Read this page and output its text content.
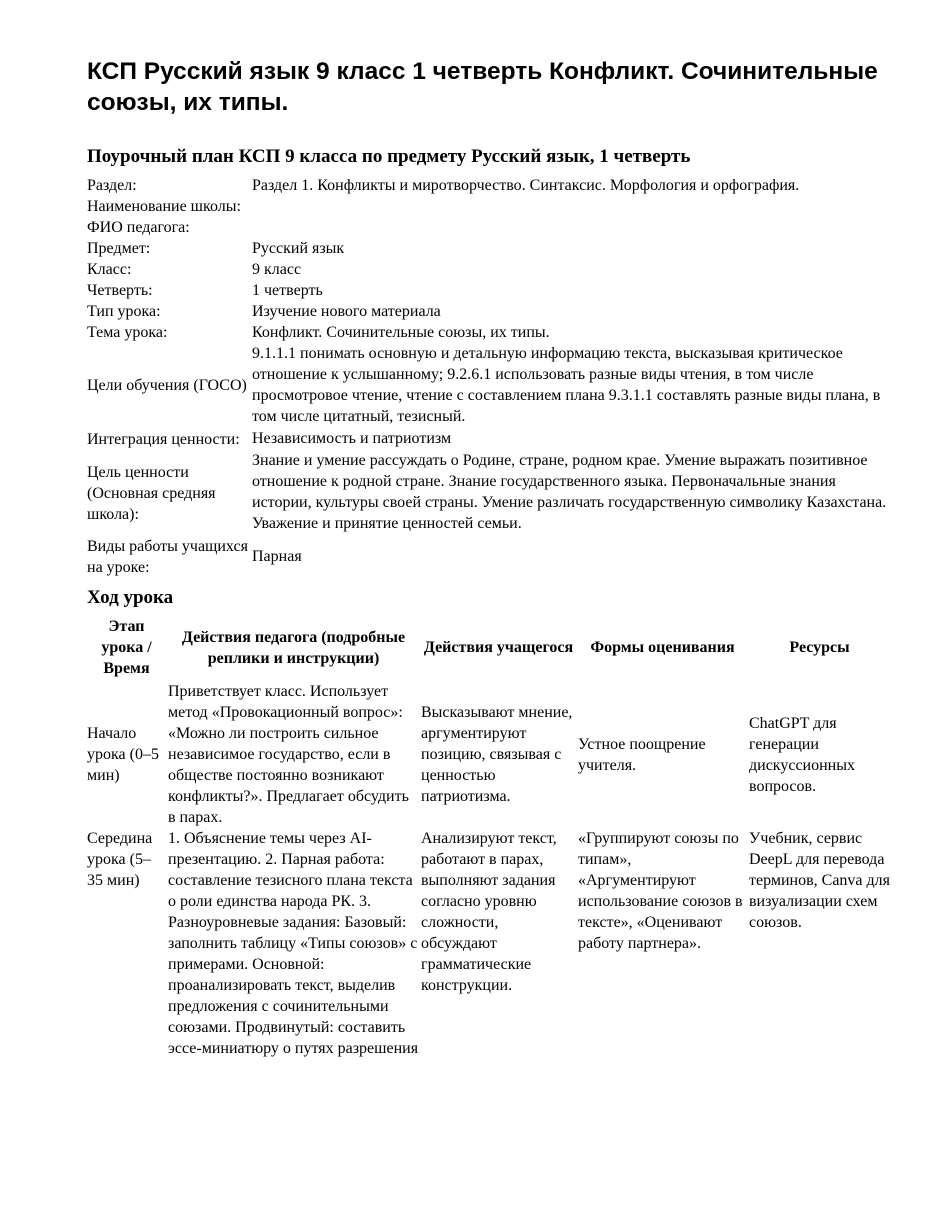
КСП Русский язык 9 класс 1 четверть Конфликт. Сочинительные союзы, их типы.
Поурочный план КСП 9 класса по предмету Русский язык, 1 четверть
Раздел:	Раздел 1. Конфликты и миротворчество. Синтаксис. Морфология и орфография.
Наименование школы:	
ФИО педагога:	
Предмет:	Русский язык
Класс:	9 класс
Четверть:	1 четверть
Тип урока:	Изучение нового материала
Тема урока:	Конфликт. Сочинительные союзы, их типы.
Цели обучения (ГОСО)	9.1.1.1 понимать основную и детальную информацию текста, высказывая критическое отношение к услышанному; 9.2.6.1 использовать разные виды чтения, в том числе просмотровое чтение, чтение с составлением плана 9.3.1.1 составлять разные виды плана, в том числе цитатный, тезисный.
Интеграция ценности:	Независимость и патриотизм
Цель ценности (Основная средняя школа):	Знание и умение рассуждать о Родине, стране, родном крае. Умение выражать позитивное отношение к родной стране. Знание государственного языка. Первоначальные знания истории, культуры своей страны. Умение различать государственную символику Казахстана. Уважение и принятие ценностей семьи.
Виды работы учащихся на уроке:	Парная
Ход урока
Этап урока / Время	Действия педагога (подробные реплики и инструкции)	Действия учащегося	Формы оценивания	Ресурсы
Начало урока (0–5 мин)	Приветствует класс. Использует метод «Провокационный вопрос»: «Можно ли построить сильное независимое государство, если в обществе постоянно возникают конфликты?». Предлагает обсудить в парах.	Высказывают мнение, аргументируют позицию, связывая с ценностью патриотизма.	Устное поощрение учителя.	ChatGPT для генерации дискуссионных вопросов.
Середина урока (5–35 мин)	1. Объяснение темы через AI-презентацию. 2. Парная работа: составление тезисного плана текста о роли единства народа РК. 3. Разноуровневые задания: Базовый: заполнить таблицу «Типы союзов» с примерами. Основной: проанализировать текст, выделив предложения с сочинительными союзами. Продвинутый: составить эссе-миниатюру о путях разрешения	Анализируют текст, работают в парах, выполняют задания согласно уровню сложности, обсуждают грамматические конструкции.	«Группируют союзы по типам», «Аргументируют использование союзов в тексте», «Оценивают работу партнера».	Учебник, сервис DeepL для перевода терминов, Canva для визуализации схем союзов.
